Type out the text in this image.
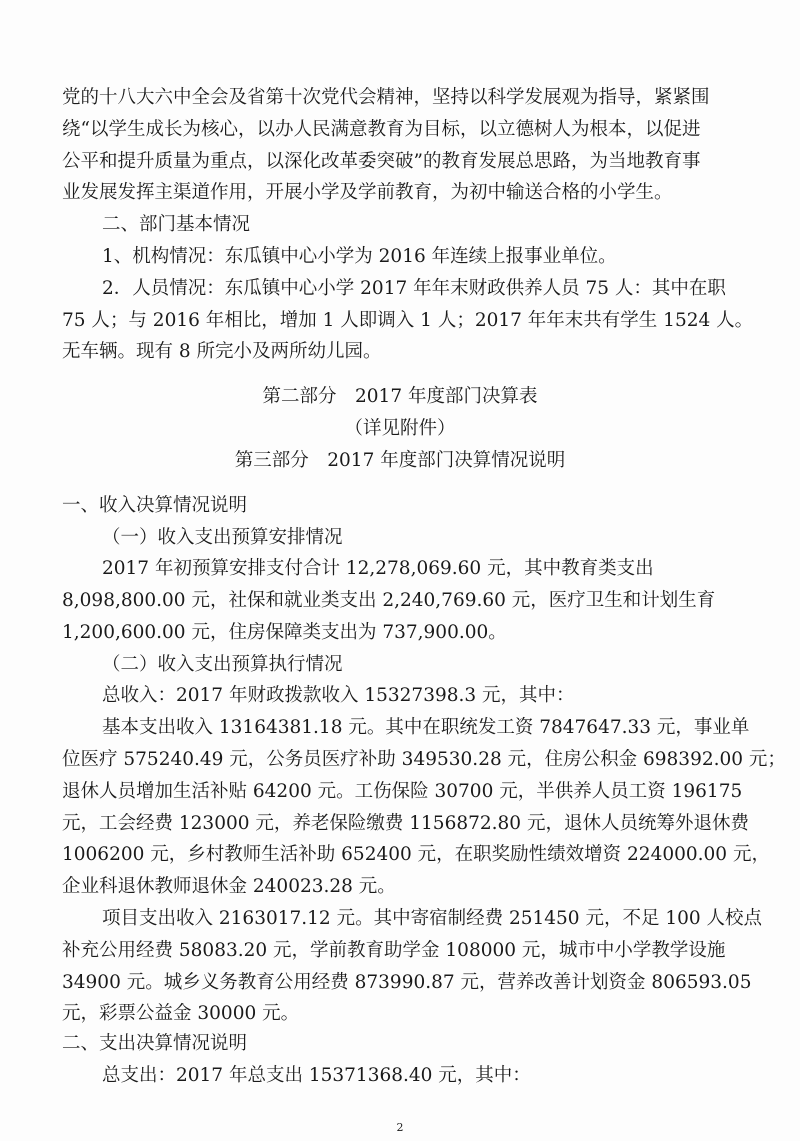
党的十八大六中全会及省第十次党代会精神，坚持以科学发展观为指导，紧紧围
绕“以学生成长为核心，以办人民满意教育为目标，以立德树人为根本，以促进
公平和提升质量为重点，以深化改革委突破”的教育发展总思路，为当地教育事
业发展发挥主渠道作用，开展小学及学前教育，为初中输送合格的小学生。
二、部门基本情况
1、机构情况：东瓜镇中心小学为 2016 年连续上报事业单位。
2．人员情况：东瓜镇中心小学 2017 年年末财政供养人员 75 人：其中在职
75 人；与 2016 年相比，增加 1 人即调入 1 人；2017 年年末共有学生 1524 人。
无车辆。现有 8 所完小及两所幼儿园。
第二部分　2017 年度部门决算表
（详见附件）
第三部分　2017 年度部门决算情况说明
一、收入决算情况说明
（一）收入支出预算安排情况
2017 年初预算安排支付合计 12,278,069.60 元，其中教育类支出
8,098,800.00 元，社保和就业类支出 2,240,769.60 元，医疗卫生和计划生育
1,200,600.00 元，住房保障类支出为 737,900.00。
（二）收入支出预算执行情况
总收入：2017 年财政拨款收入 15327398.3 元，其中：
基本支出收入 13164381.18 元。其中在职统发工资 7847647.33 元，事业单
位医疗 575240.49 元，公务员医疗补助 349530.28 元，住房公积金 698392.00 元；
退休人员增加生活补贴 64200 元。工伤保险 30700 元，半供养人员工资 196175
元，工会经费 123000 元，养老保险缴费 1156872.80 元，退休人员统筹外退休费
1006200 元，乡村教师生活补助 652400 元，在职奖励性绩效增资 224000.00 元，
企业科退休教师退休金 240023.28 元。
项目支出收入 2163017.12 元。其中寄宿制经费 251450 元，不足 100 人校点
补充公用经费 58083.20 元，学前教育助学金 108000 元，城市中小学教学设施
34900 元。城乡义务教育公用经费 873990.87 元，营养改善计划资金 806593.05
元，彩票公益金 30000 元。
二、支出决算情况说明
总支出：2017 年总支出 15371368.40 元，其中：
2
